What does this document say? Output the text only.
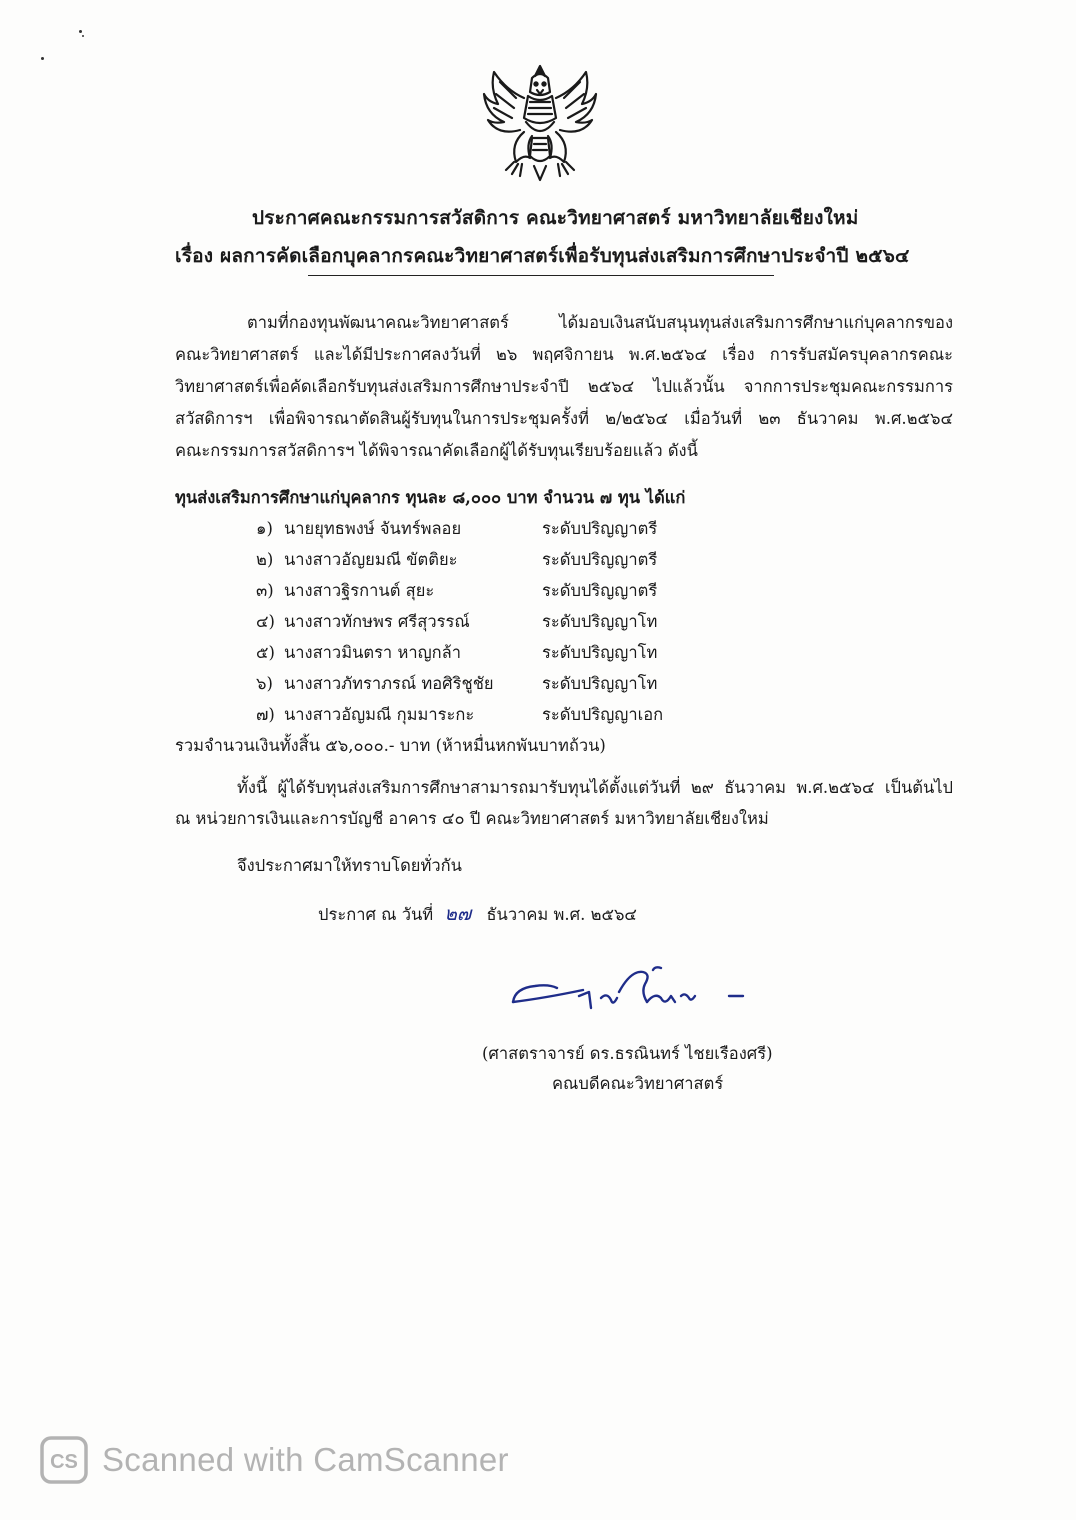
ประกาศคณะกรรมการสวัสดิการ คณะวิทยาศาสตร์ มหาวิทยาลัยเชียงใหม่
เรื่อง ผลการคัดเลือกบุคลากรคณะวิทยาศาสตร์เพื่อรับทุนส่งเสริมการศึกษาประจำปี ๒๕๖๔
ตามที่กองทุนพัฒนาคณะวิทยาศาสตร์ ได้มอบเงินสนับสนุนทุนส่งเสริมการศึกษาแก่บุคลากรของ
คณะวิทยาศาสตร์ และได้มีประกาศลงวันที่ ๒๖ พฤศจิกายน พ.ศ.๒๕๖๔ เรื่อง การรับสมัครบุคลากรคณะ
วิทยาศาสตร์เพื่อคัดเลือกรับทุนส่งเสริมการศึกษาประจำปี ๒๕๖๔ ไปแล้วนั้น จากการประชุมคณะกรรมการ
สวัสดิการฯ เพื่อพิจารณาตัดสินผู้รับทุนในการประชุมครั้งที่ ๒/๒๕๖๔ เมื่อวันที่ ๒๓ ธันวาคม พ.ศ.๒๕๖๔
คณะกรรมการสวัสดิการฯ ได้พิจารณาคัดเลือกผู้ได้รับทุนเรียบร้อยแล้ว ดังนี้
ทุนส่งเสริมการศึกษาแก่บุคลากร ทุนละ ๘,๐๐๐ บาท จำนวน ๗ ทุน ได้แก่
๑) นายยุทธพงษ์ จันทร์พลอย	ระดับปริญญาตรี
๒) นางสาวอัญยมณี ขัตติยะ	ระดับปริญญาตรี
๓) นางสาวฐิรกานต์ สุยะ	ระดับปริญญาตรี
๔) นางสาวทักษพร ศรีสุวรรณ์	ระดับปริญญาโท
๕) นางสาวมินตรา หาญกล้า	ระดับปริญญาโท
๖) นางสาวภัทราภรณ์ ทอศิริชูชัย	ระดับปริญญาโท
๗) นางสาวอัญมณี กุมมาระกะ	ระดับปริญญาเอก
รวมจำนวนเงินทั้งสิ้น ๕๖,๐๐๐.- บาท (ห้าหมื่นหกพันบาทถ้วน)
ทั้งนี้ ผู้ได้รับทุนส่งเสริมการศึกษาสามารถมารับทุนได้ตั้งแต่วันที่ ๒๙ ธันวาคม พ.ศ.๒๕๖๔ เป็นต้นไป
ณ หน่วยการเงินและการบัญชี อาคาร ๔๐ ปี คณะวิทยาศาสตร์ มหาวิทยาลัยเชียงใหม่
จึงประกาศมาให้ทราบโดยทั่วกัน
ประกาศ ณ วันที่ ๒๗ ธันวาคม พ.ศ. ๒๕๖๔
(ศาสตราจารย์ ดร.ธรณินทร์ ไชยเรืองศรี)
คณบดีคณะวิทยาศาสตร์
CS Scanned with CamScanner
